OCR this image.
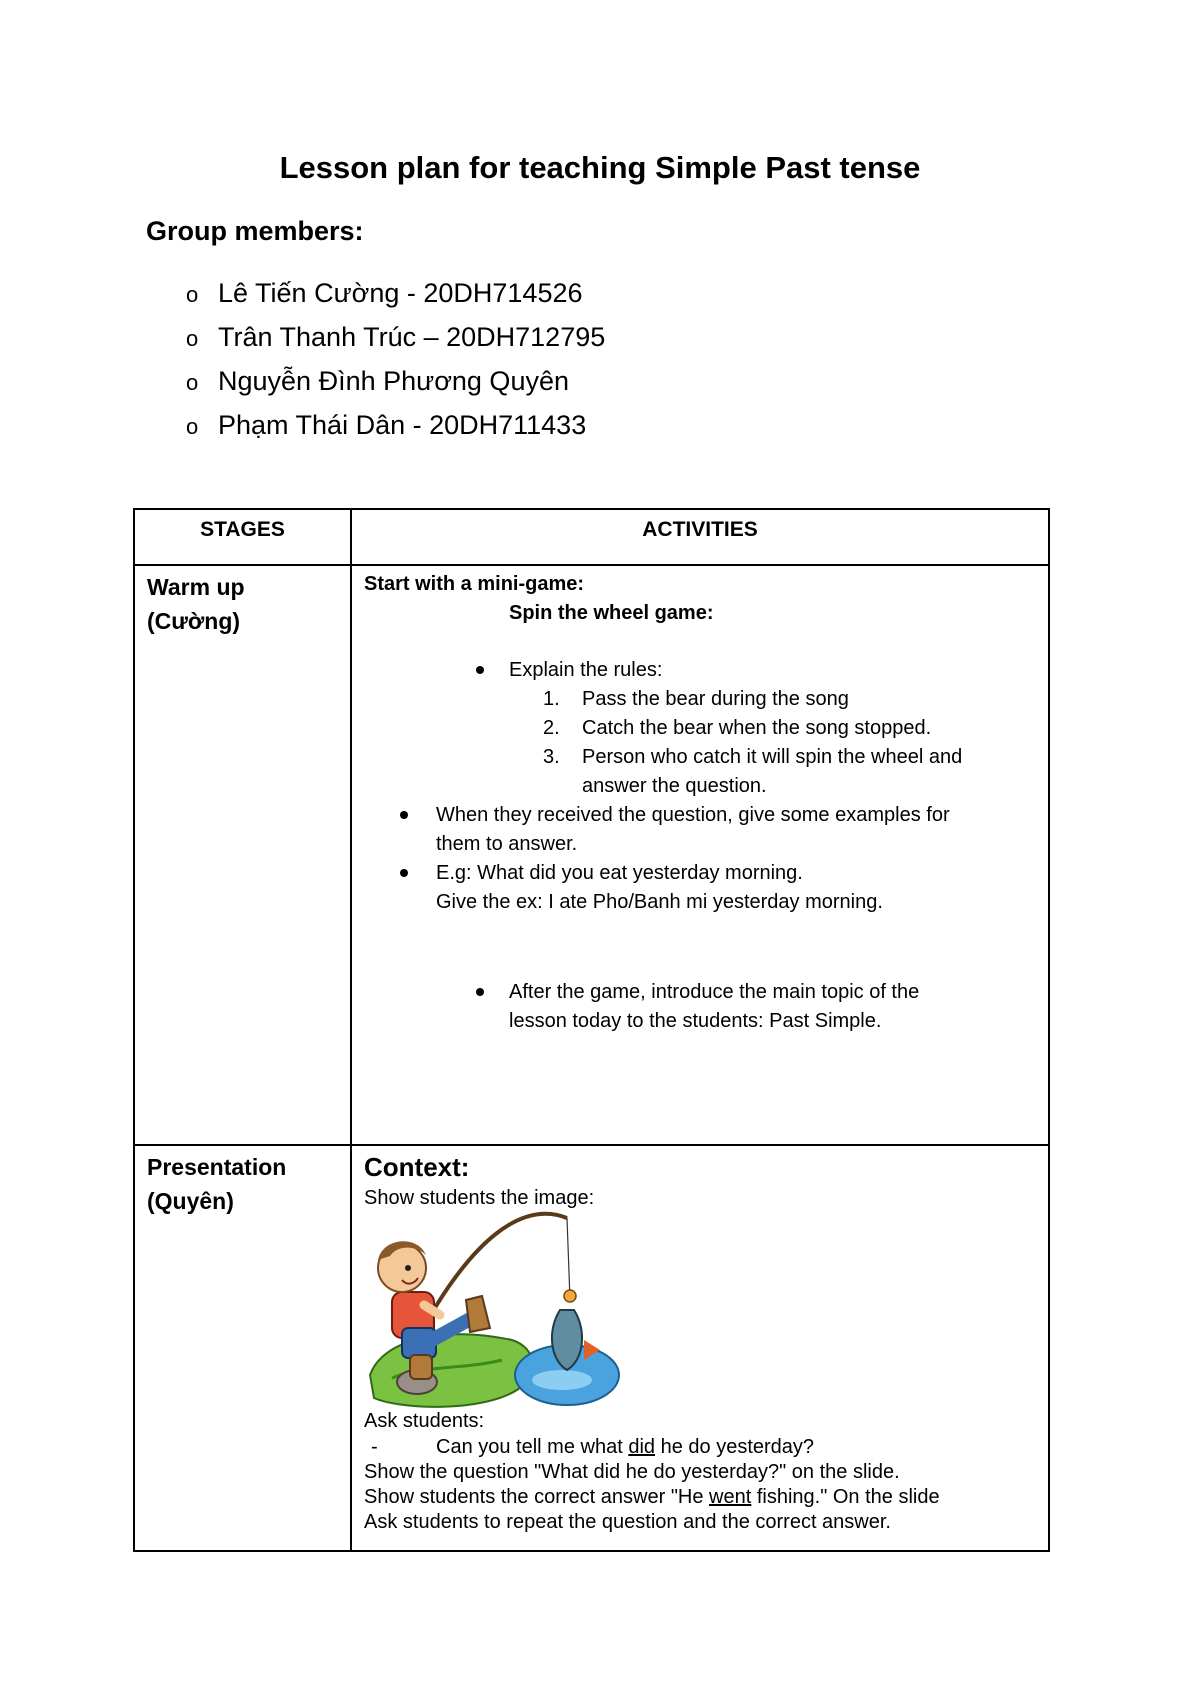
Lesson plan for teaching Simple Past tense
Group members:
o Lê Tiến Cường - 20DH714526
o Trân Thanh Trúc – 20DH712795
o Nguyễn Đình Phương Quyên
o Phạm Thái Dân - 20DH711433
STAGES	ACTIVITIES
Warm up
(Cường)
Start with a mini-game:
Spin the wheel game:
Explain the rules:
1. Pass the bear during the song
2. Catch the bear when the song stopped.
3. Person who catch it will spin the wheel and
answer the question.
When they received the question, give some examples for
them to answer.
E.g: What did you eat yesterday morning.
Give the ex: I ate Pho/Banh mi yesterday morning.
After the game, introduce the main topic of the
lesson today to the students: Past Simple.
Presentation
(Quyên)
Context:
Show students the image:
Ask students:
-	Can you tell me what did he do yesterday?
Show the question "What did he do yesterday?" on the slide.
Show students the correct answer "He went fishing." On the slide
Ask students to repeat the question and the correct answer.
